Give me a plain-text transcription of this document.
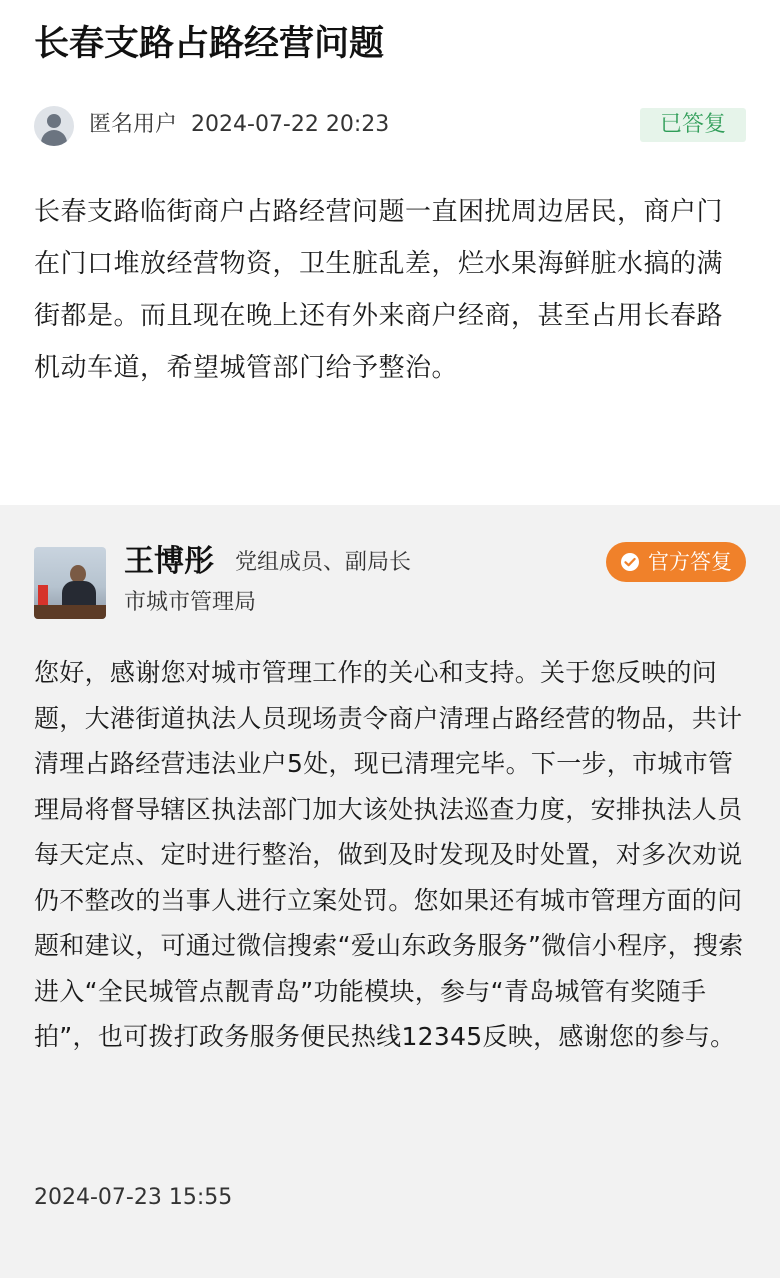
长春支路占路经营问题
匿名用户 2024-07-22 20:23	已答复
长春支路临街商户占路经营问题一直困扰周边居民，商户门在门口堆放经营物资，卫生脏乱差，烂水果海鲜脏水搞的满街都是。而且现在晚上还有外来商户经商，甚至占用长春路机动车道，希望城管部门给予整治。
王博彤 党组成员、副局长
市城市管理局
官方答复
您好，感谢您对城市管理工作的关心和支持。关于您反映的问题，大港街道执法人员现场责令商户清理占路经营的物品，共计清理占路经营违法业户5处，现已清理完毕。下一步，市城市管理局将督导辖区执法部门加大该处执法巡查力度，安排执法人员每天定点、定时进行整治，做到及时发现及时处置，对多次劝说仍不整改的当事人进行立案处罚。您如果还有城市管理方面的问题和建议，可通过微信搜索“爱山东政务服务”微信小程序，搜索进入“全民城管点靓青岛”功能模块，参与“青岛城管有奖随手拍”，也可拨打政务服务便民热线12345反映，感谢您的参与。
2024-07-23 15:55
